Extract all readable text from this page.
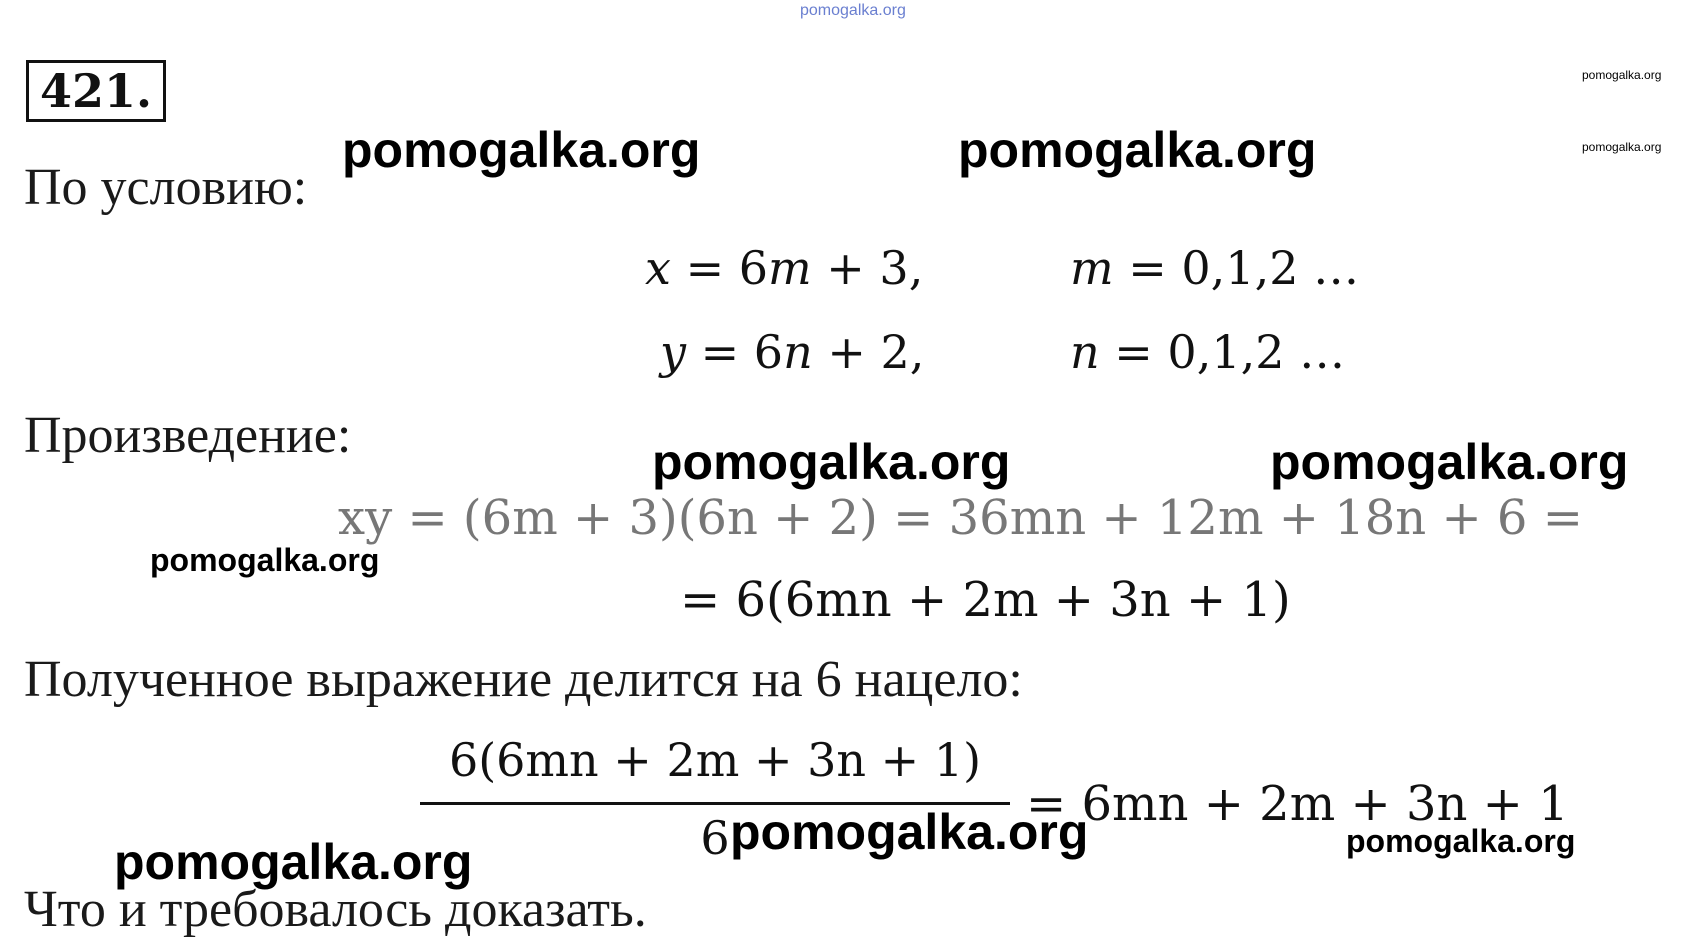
421.
pomogalka.org
pomogalka.org
pomogalka.org
По условию:
pomogalka.org	pomogalka.org
x = 6m + 3,	m = 0,1,2 …
y = 6n + 2,	n = 0,1,2 …
Произведение:	pomogalka.org	pomogalka.org
xy = (6m + 3)(6n + 2) = 36mn + 12m + 18n + 6 =
pomogalka.org
= 6(6mn + 2m + 3n + 1)
Полученное выражение делится на 6 нацело:
6(6mn + 2m + 3n + 1)
6
= 6mn + 2m + 3n + 1
pomogalka.org	pomogalka.org
pomogalka.org
Что и требовалось доказать.
